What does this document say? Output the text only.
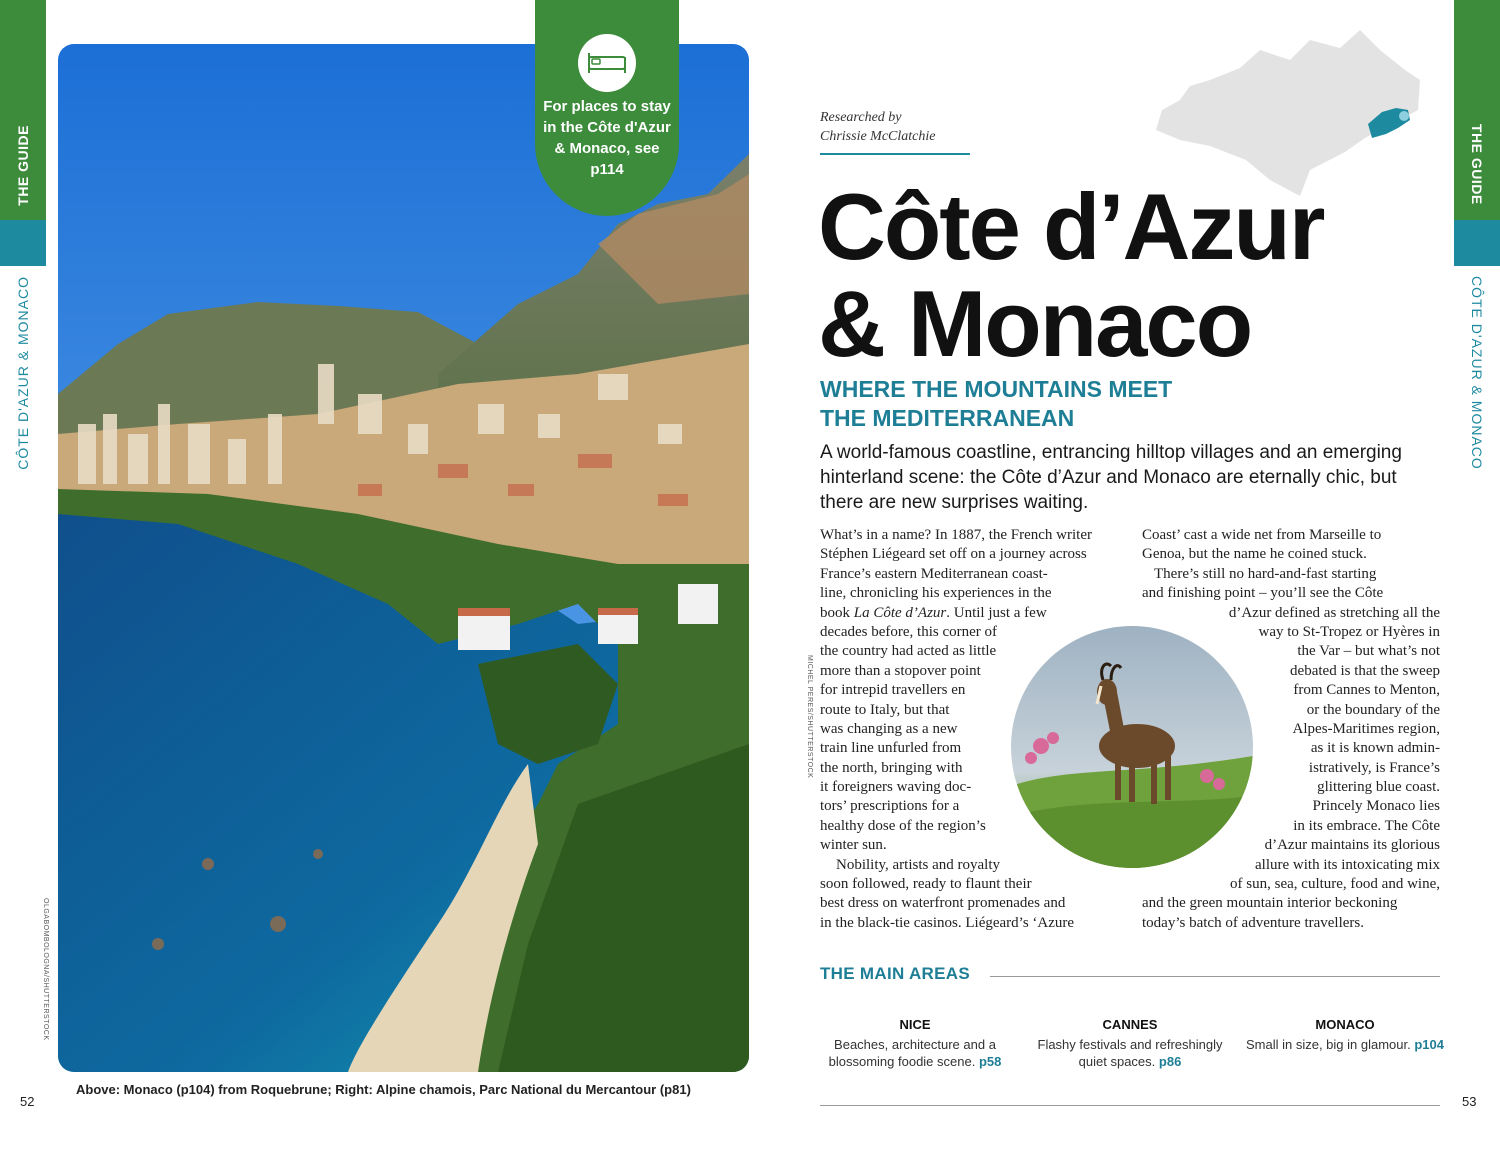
THE GUIDE
CÔTE D'AZUR & MONACO
For places to stay in the Côte d'Azur & Monaco, see p114
OLGABOMBOLOGNA/SHUTTERSTOCK
Above: Monaco (p104) from Roquebrune; Right: Alpine chamois, Parc National du Mercantour (p81)
52
Researched by
Chrissie McClatchie
Côte d’Azur
& Monaco
WHERE THE MOUNTAINS MEET
THE MEDITERRANEAN
A world-famous coastline, entrancing hilltop villages and an emerging hinterland scene: the Côte d’Azur and Monaco are eternally chic, but there are new surprises waiting.
What’s in a name? In 1887, the French writer
Stéphen Liégeard set off on a journey across
France’s eastern Mediterranean coast-
line, chronicling his experiences in the
book La Côte d’Azur. Until just a few
decades before, this corner of
the country had acted as little
more than a stopover point
for intrepid travellers en
route to Italy, but that
was changing as a new
train line unfurled from
the north, bringing with
it foreigners waving doc-
tors’ prescriptions for a
healthy dose of the region’s
winter sun.
Nobility, artists and royalty
soon followed, ready to flaunt their
best dress on waterfront promenades and
in the black-tie casinos. Liégeard’s ‘Azure
Coast’ cast a wide net from Marseille to
Genoa, but the name he coined stuck.
There’s still no hard-and-fast starting
and finishing point – you’ll see the Côte
d’Azur defined as stretching all the
way to St-Tropez or Hyères in
the Var – but what’s not
debated is that the sweep
from Cannes to Menton,
or the boundary of the
Alpes-Maritimes region,
as it is known admin-
istratively, is France’s
glittering blue coast.
Princely Monaco lies
in its embrace. The Côte
d’Azur maintains its glorious
allure with its intoxicating mix
of sun, sea, culture, food and wine,
and the green mountain interior beckoning
today’s batch of adventure travellers.
MICHEL PERES/SHUTTERSTOCK
THE MAIN AREAS
NICE
Beaches, architecture and a blossoming foodie scene. p58
CANNES
Flashy festivals and refreshingly quiet spaces. p86
MONACO
Small in size, big in glamour. p104
53
THE GUIDE
CÔTE D'AZUR & MONACO
